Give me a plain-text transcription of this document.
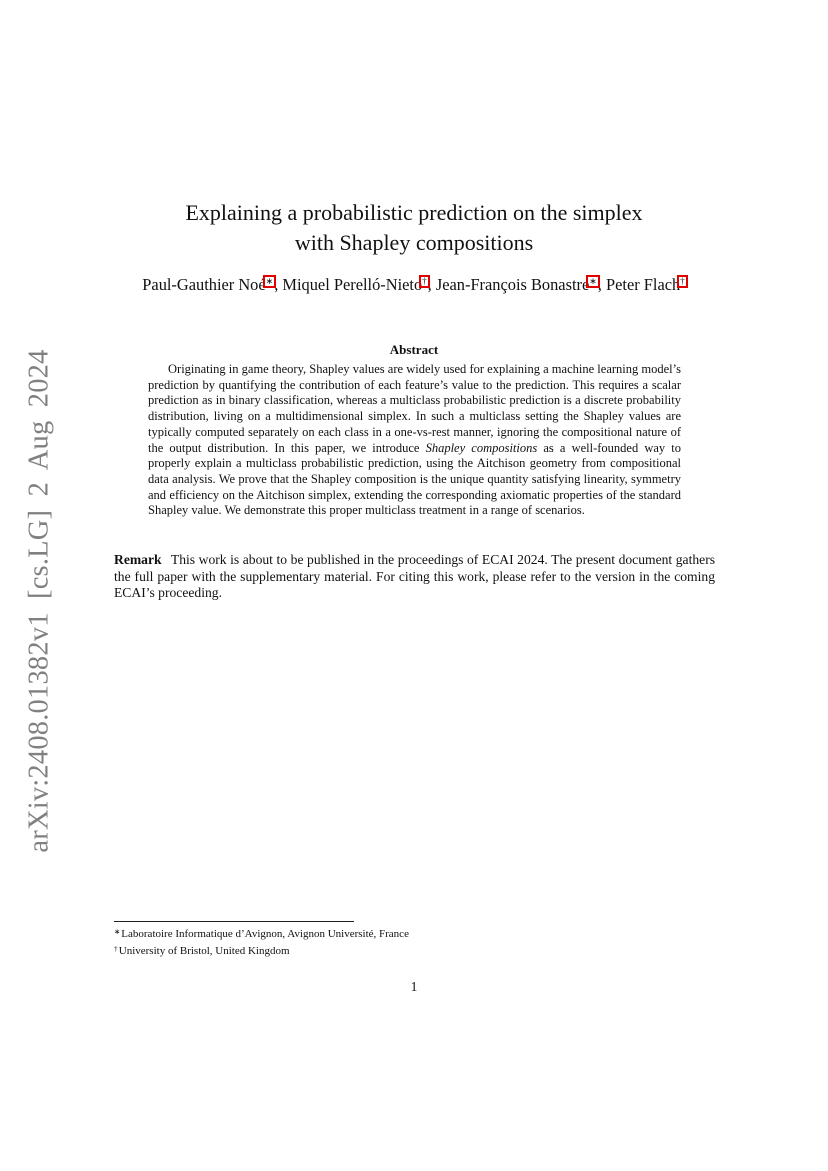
arXiv:2408.01382v1 [cs.LG] 2 Aug 2024
Explaining a probabilistic prediction on the simplex
with Shapley compositions
Paul-Gauthier Noé∗, Miquel Perelló-Nieto†, Jean-François Bonastre∗, Peter Flach†
Abstract

Originating in game theory, Shapley values are widely used for explaining a machine learning model’s prediction by quantifying the contribution of each feature’s value to the prediction. This requires a scalar prediction as in binary classification, whereas a multiclass probabilistic prediction is a discrete probability distribution, living on a multidimensional simplex. In such a multiclass setting the Shapley values are typically computed separately on each class in a one-vs-rest manner, ignoring the compositional nature of the output distribution. In this paper, we introduce Shapley compositions as a well-founded way to properly explain a multiclass probabilistic prediction, using the Aitchison geometry from compositional data analysis. We prove that the Shapley composition is the unique quantity satisfying linearity, symmetry and efficiency on the Aitchison simplex, extending the corresponding axiomatic properties of the standard Shapley value. We demonstrate this proper multiclass treatment in a range of scenarios.

Remark This work is about to be published in the proceedings of ECAI 2024. The present document gathers the full paper with the supplementary material. For citing this work, please refer to the version in the coming ECAI’s proceeding.

∗Laboratoire Informatique d’Avignon, Avignon Université, France
†University of Bristol, United Kingdom
1
